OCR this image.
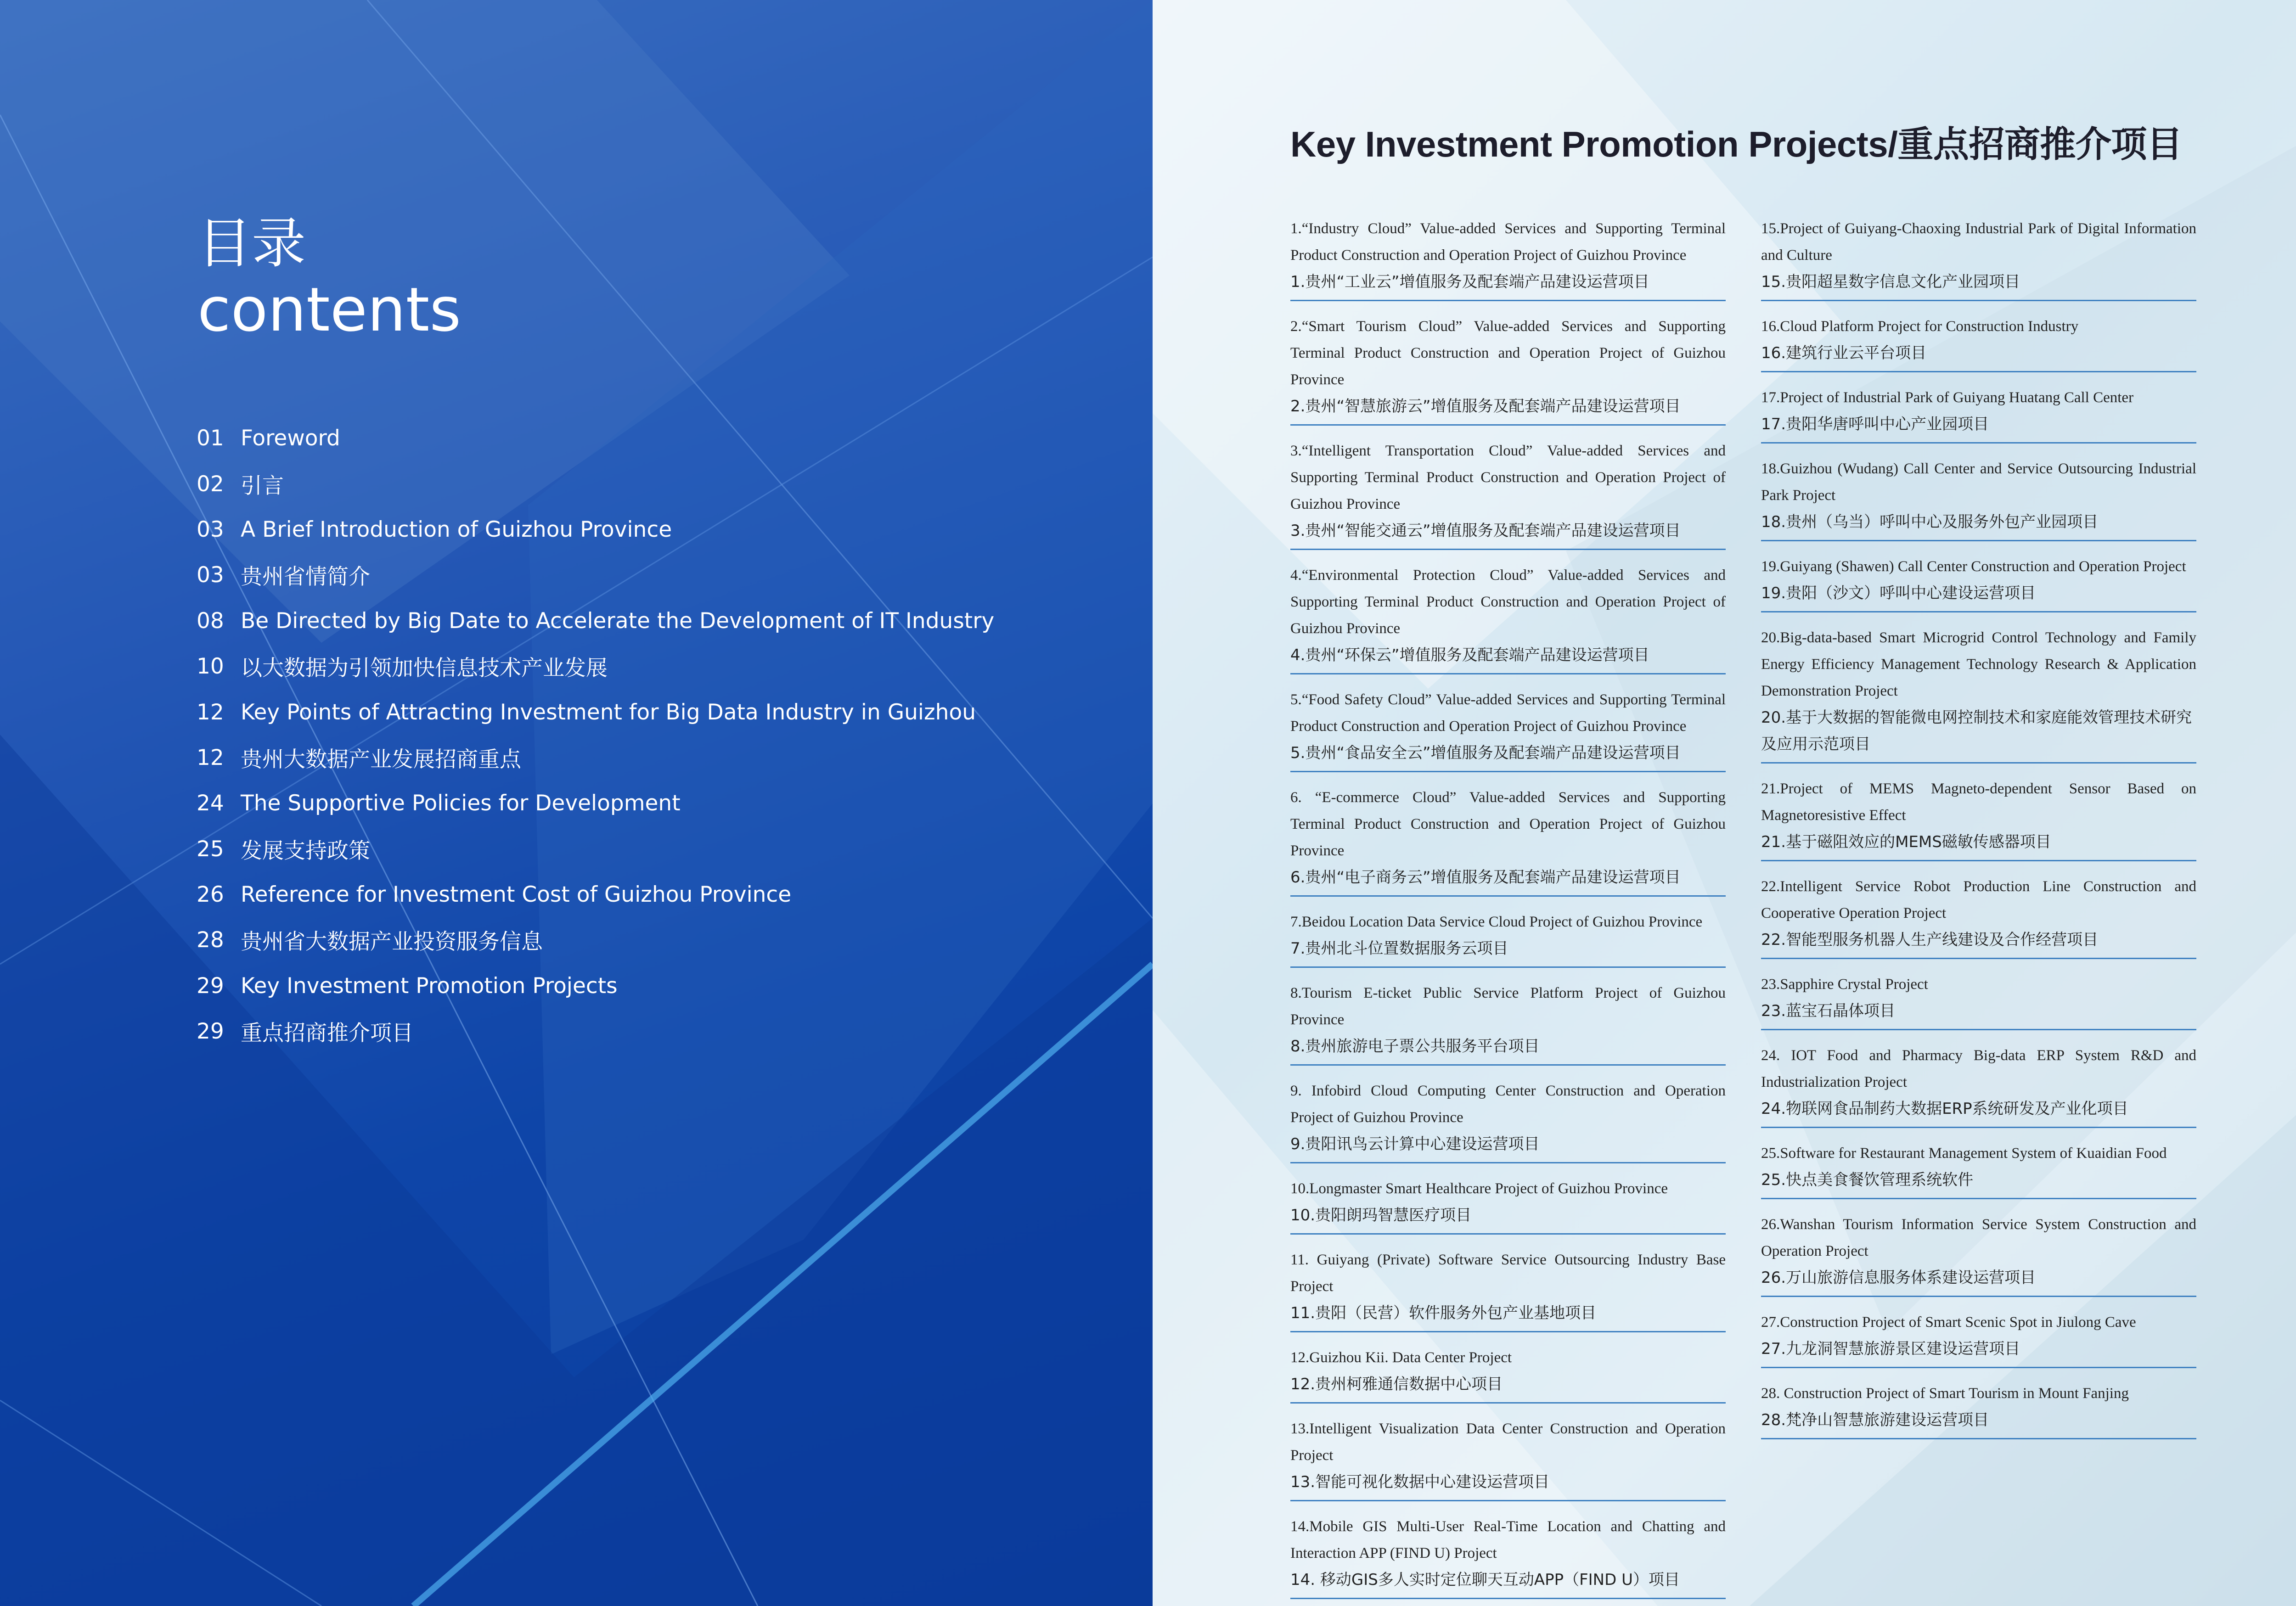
目录
contents
01 Foreword
02 引言
03 A Brief Introduction of Guizhou Province
03 贵州省情简介
08 Be Directed by Big Date to Accelerate the Development of IT Industry
10 以大数据为引领加快信息技术产业发展
12 Key Points of Attracting Investment for Big Data Industry in Guizhou
12 贵州大数据产业发展招商重点
24 The Supportive Policies for Development
25 发展支持政策
26 Reference for Investment Cost of Guizhou Province
28 贵州省大数据产业投资服务信息
29 Key Investment Promotion Projects
29 重点招商推介项目
Key Investment Promotion Projects/重点招商推介项目
1.“Industry Cloud” Value-added Services and Supporting Terminal Product Construction and Operation Project of Guizhou Province
1.贵州“工业云”增值服务及配套端产品建设运营项目
2.“Smart Tourism Cloud” Value-added Services and Supporting Terminal Product Construction and Operation Project of Guizhou Province
2.贵州“智慧旅游云”增值服务及配套端产品建设运营项目
3.“Intelligent Transportation Cloud” Value-added Services and Supporting Terminal Product Construction and Operation Project of Guizhou Province
3.贵州“智能交通云”增值服务及配套端产品建设运营项目
4.“Environmental Protection Cloud” Value-added Services and Supporting Terminal Product Construction and Operation Project of Guizhou Province
4.贵州“环保云”增值服务及配套端产品建设运营项目
5.“Food Safety Cloud” Value-added Services and Supporting Terminal Product Construction and Operation Project of Guizhou Province
5.贵州“食品安全云”增值服务及配套端产品建设运营项目
6. “E-commerce Cloud” Value-added Services and Supporting Terminal Product Construction and Operation Project of Guizhou Province
6.贵州“电子商务云”增值服务及配套端产品建设运营项目
7.Beidou Location Data Service Cloud Project of Guizhou Province
7.贵州北斗位置数据服务云项目
8.Tourism E-ticket Public Service Platform Project of Guizhou Province
8.贵州旅游电子票公共服务平台项目
9. Infobird Cloud Computing Center Construction and Operation Project of Guizhou Province
9.贵阳讯鸟云计算中心建设运营项目
10.Longmaster Smart Healthcare Project of Guizhou Province
10.贵阳朗玛智慧医疗项目
11. Guiyang (Private) Software Service Outsourcing Industry Base Project
11.贵阳（民营）软件服务外包产业基地项目
12.Guizhou Kii. Data Center Project
12.贵州柯雅通信数据中心项目
13.Intelligent Visualization Data Center Construction and Operation Project
13.智能可视化数据中心建设运营项目
14.Mobile GIS Multi-User Real-Time Location and Chatting and Interaction APP (FIND U) Project
14. 移动GIS多人实时定位聊天互动APP（FIND U）项目
15.Project of Guiyang-Chaoxing Industrial Park of Digital Information and Culture
15.贵阳超星数字信息文化产业园项目
16.Cloud Platform Project for Construction Industry
16.建筑行业云平台项目
17.Project of Industrial Park of Guiyang Huatang Call Center
17.贵阳华唐呼叫中心产业园项目
18.Guizhou (Wudang) Call Center and Service Outsourcing Industrial Park Project
18.贵州（乌当）呼叫中心及服务外包产业园项目
19.Guiyang (Shawen) Call Center Construction and Operation Project
19.贵阳（沙文）呼叫中心建设运营项目
20.Big-data-based Smart Microgrid Control Technology and Family Energy Efficiency Management Technology Research & Application Demonstration Project
20.基于大数据的智能微电网控制技术和家庭能效管理技术研究及应用示范项目
21.Project of MEMS Magneto-dependent Sensor Based on Magnetoresistive Effect
21.基于磁阻效应的MEMS磁敏传感器项目
22.Intelligent Service Robot Production Line Construction and Cooperative Operation Project
22.智能型服务机器人生产线建设及合作经营项目
23.Sapphire Crystal Project
23.蓝宝石晶体项目
24. IOT Food and Pharmacy Big-data ERP System R&D and Industrialization Project
24.物联网食品制药大数据ERP系统研发及产业化项目
25.Software for Restaurant Management System of Kuaidian Food
25.快点美食餐饮管理系统软件
26.Wanshan Tourism Information Service System Construction and Operation Project
26.万山旅游信息服务体系建设运营项目
27.Construction Project of Smart Scenic Spot in Jiulong Cave
27.九龙洞智慧旅游景区建设运营项目
28. Construction Project of Smart Tourism in Mount Fanjing
28.梵净山智慧旅游建设运营项目
